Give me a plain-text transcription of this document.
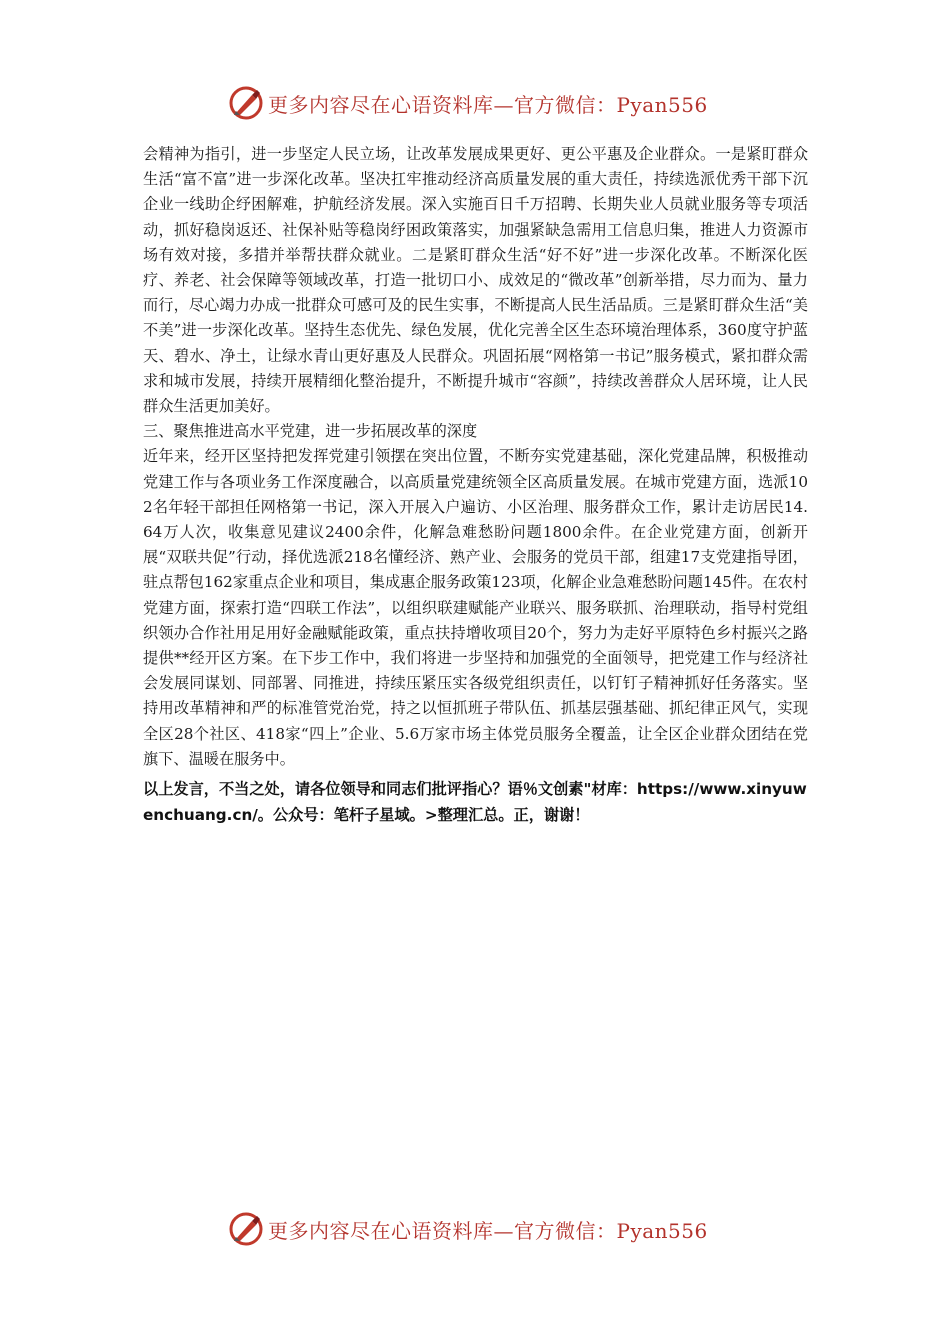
更多内容尽在心语资料库—官方微信：Pyan556

会精神为指引，进一步坚定人民立场，让改革发展成果更好、更公平惠及企业群众。一是紧盯群众生活“富不富”进一步深化改革。坚决扛牢推动经济高质量发展的重大责任，持续选派优秀干部下沉企业一线助企纾困解难，护航经济发展。深入实施百日千万招聘、长期失业人员就业服务等专项活动，抓好稳岗返还、社保补贴等稳岗纾困政策落实，加强紧缺急需用工信息归集，推进人力资源市场有效对接，多措并举帮扶群众就业。二是紧盯群众生活“好不好”进一步深化改革。不断深化医疗、养老、社会保障等领域改革，打造一批切口小、成效足的“微改革”创新举措，尽力而为、量力而行，尽心竭力办成一批群众可感可及的民生实事，不断提高人民生活品质。三是紧盯群众生活“美不美”进一步深化改革。坚持生态优先、绿色发展，优化完善全区生态环境治理体系，360度守护蓝天、碧水、净土，让绿水青山更好惠及人民群众。巩固拓展“网格第一书记”服务模式，紧扣群众需求和城市发展，持续开展精细化整治提升，不断提升城市“容颜”，持续改善群众人居环境，让人民群众生活更加美好。

三、聚焦推进高水平党建，进一步拓展改革的深度

近年来，经开区坚持把发挥党建引领摆在突出位置，不断夯实党建基础，深化党建品牌，积极推动党建工作与各项业务工作深度融合，以高质量党建统领全区高质量发展。在城市党建方面，选派102名年轻干部担任网格第一书记，深入开展入户遍访、小区治理、服务群众工作，累计走访居民14.64万人次，收集意见建议2400余件，化解急难愁盼问题1800余件。在企业党建方面，创新开展“双联共促”行动，择优选派218名懂经济、熟产业、会服务的党员干部，组建17支党建指导团，驻点帮包162家重点企业和项目，集成惠企服务政策123项，化解企业急难愁盼问题145件。在农村党建方面，探索打造“四联工作法”，以组织联建赋能产业联兴、服务联抓、治理联动，指导村党组织领办合作社用足用好金融赋能政策，重点扶持增收项目20个，努力为走好平原特色乡村振兴之路提供**经开区方案。在下步工作中，我们将进一步坚持和加强党的全面领导，把党建工作与经济社会发展同谋划、同部署、同推进，持续压紧压实各级党组织责任，以钉钉子精神抓好任务落实。坚持用改革精神和严的标准管党治党，持之以恒抓班子带队伍、抓基层强基础、抓纪律正风气，实现全区28个社区、418家“四上”企业、5.6万家市场主体党员服务全覆盖，让全区企业群众团结在党旗下、温暖在服务中。

以上发言，不当之处，请各位领导和同志们批评指心？语％文创素"材库：https://www.xinyuwenchuang.cn/。公众号：笔杆子星域。>整理汇总。正，谢谢！

更多内容尽在心语资料库—官方微信：Pyan556
